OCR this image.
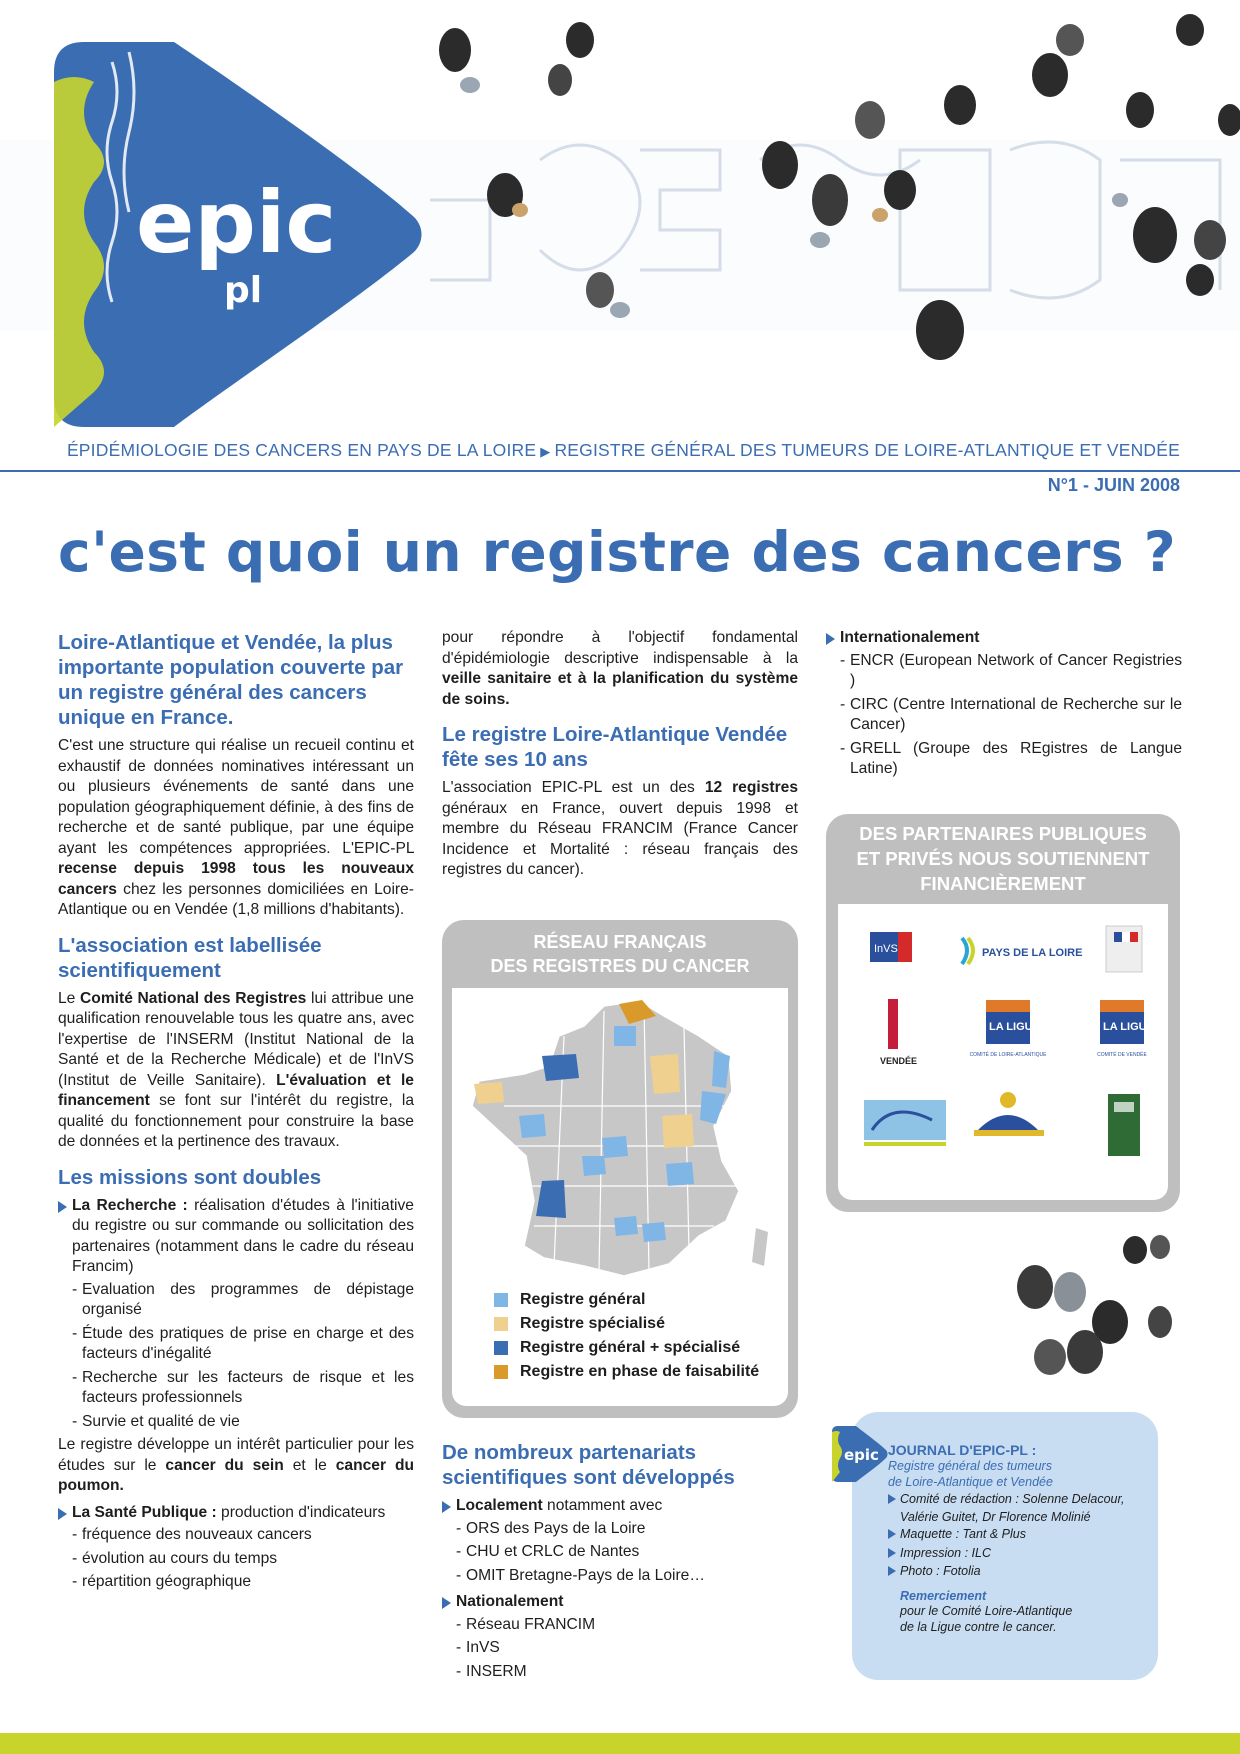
epic
pl
ÉPIDÉMIOLOGIE DES CANCERS EN PAYS DE LA LOIRE ▶ REGISTRE GÉNÉRAL DES TUMEURS DE LOIRE-ATLANTIQUE ET VENDÉE
N°1 - JUIN 2008
c'est quoi un registre des cancers ?
Loire-Atlantique et Vendée, la plus importante population couverte par un registre général des cancers unique en France.

C'est une structure qui réalise un recueil continu et exhaustif de données nominatives intéressant un ou plusieurs événements de santé dans une population géographiquement définie, à des fins de recherche et de santé publique, par une équipe ayant les compétences appropriées. L'EPIC-PL recense depuis 1998 tous les nouveaux cancers chez les personnes domiciliées en Loire-Atlantique ou en Vendée (1,8 millions d'habitants).

L'association est labellisée scientifiquement

Le Comité National des Registres lui attribue une qualification renouvelable tous les quatre ans, avec l'expertise de l'INSERM (Institut National de la Santé et de la Recherche Médicale) et de l'InVS (Institut de Veille Sanitaire). L'évaluation et le financement se font sur l'intérêt du registre, la qualité du fonctionnement pour construire la base de données et la pertinence des travaux.

Les missions sont doubles
La Recherche : réalisation d'études à l'initiative du registre ou sur commande ou sollicitation des partenaires (notamment dans le cadre du réseau Francim)
- Evaluation des programmes de dépistage organisé
- Étude des pratiques de prise en charge et des facteurs d'inégalité
- Recherche sur les facteurs de risque et les facteurs professionnels
- Survie et qualité de vie

Le registre développe un intérêt particulier pour les études sur le cancer du sein et le cancer du poumon.

La Santé Publique : production d'indicateurs
- fréquence des nouveaux cancers
- évolution au cours du temps
- répartition géographique

pour répondre à l'objectif fondamental d'épidémiologie descriptive indispensable à la veille sanitaire et à la planification du système de soins.

Le registre Loire-Atlantique Vendée fête ses 10 ans

L'association EPIC-PL est un des 12 registres généraux en France, ouvert depuis 1998 et membre du Réseau FRANCIM (France Cancer Incidence et Mortalité : réseau français des registres du cancer).

RÉSEAU FRANÇAIS
DES REGISTRES DU CANCER
Registre général
Registre spécialisé
Registre général + spécialisé
Registre en phase de faisabilité
De nombreux partenariats scientifiques sont développés
Localement notamment avec
- ORS des Pays de la Loire
- CHU et CRLC de Nantes
- OMIT Bretagne-Pays de la Loire…
Nationalement
- Réseau FRANCIM
- InVS
- INSERM
Internationalement
- ENCR (European Network of Cancer Registries )
- CIRC (Centre International de Recherche sur le Cancer)
- GRELL (Groupe des REgistres de Langue Latine)
DES PARTENAIRES PUBLIQUES
ET PRIVÉS NOUS SOUTIENNENT
FINANCIÈREMENT
InVS	PAYS DE LA LOIRE
VENDÉE
LA LIGUE
COMITÉ DE LOIRE-ATLANTIQUE
LA LIGUE
COMITÉ DE VENDÉE
epic JOURNAL D'EPIC-PL :
Registre général des tumeurs
de Loire-Atlantique et Vendée
Comité de rédaction : Solenne Delacour,
Valérie Guitet, Dr Florence Molinié
Maquette : Tant & Plus
Impression : ILC
Photo : Fotolia
Remerciement
pour le Comité Loire-Atlantique
de la Ligue contre le cancer.
